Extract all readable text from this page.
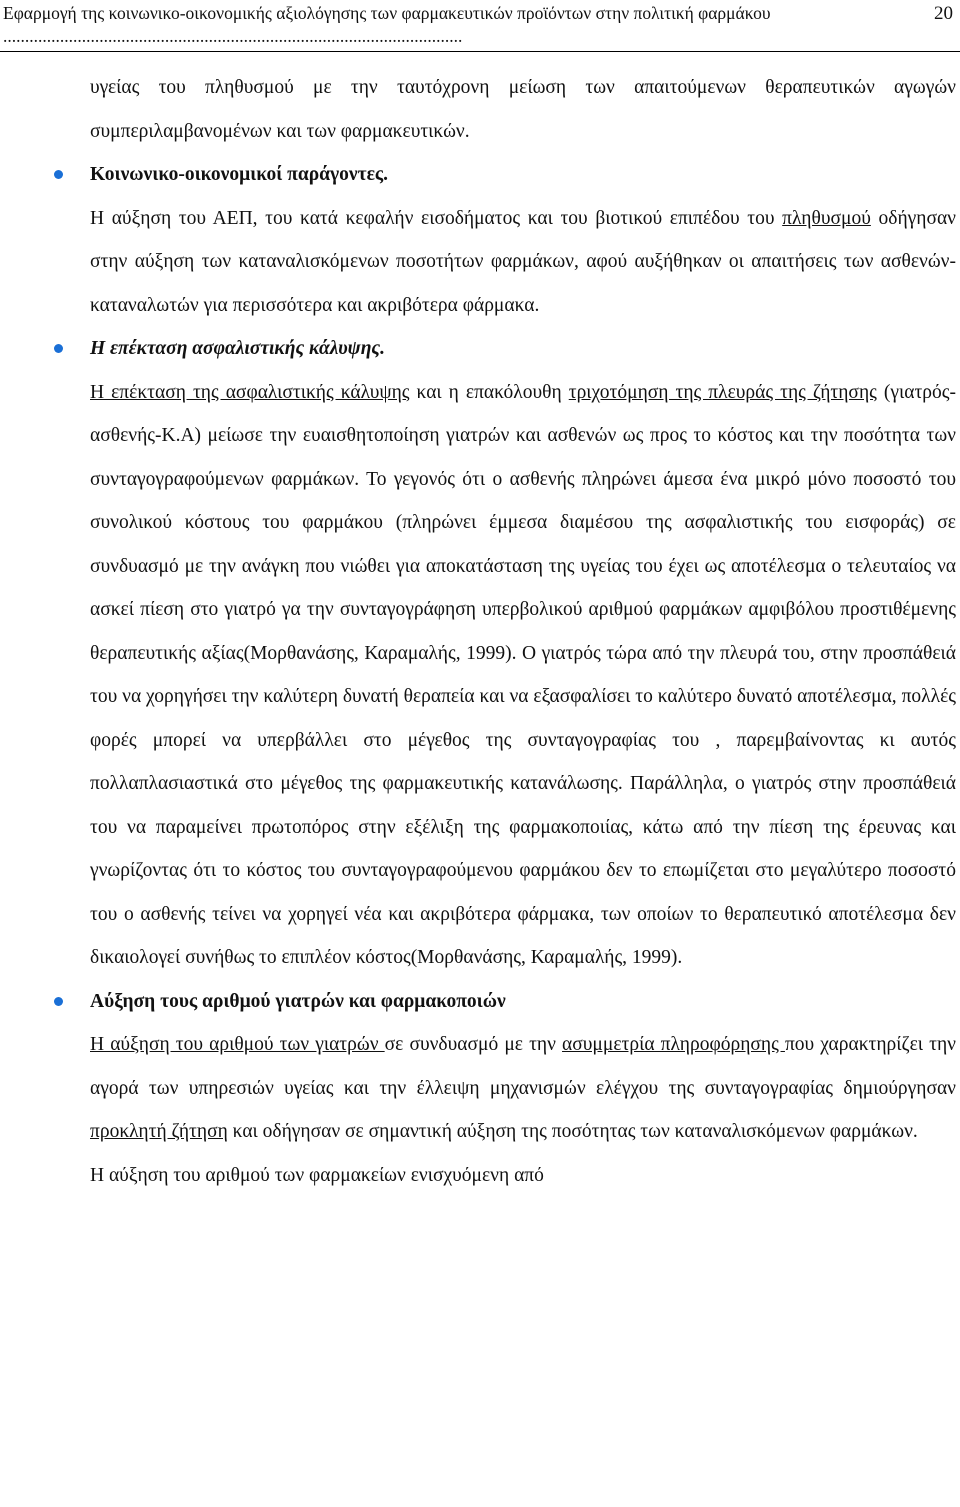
Εφαρμογή της κοινωνικο-οικονομικής αξιολόγησης των φαρμακευτικών προϊόντων στην πολιτική φαρμάκου .........................................................................................................
20

υγείας του πληθυσμού με την ταυτόχρονη μείωση των απαιτούμενων θεραπευτικών αγωγών συμπεριλαμβανομένων και των φαρμακευτικών.

Κοινωνικο-οικονομικοί παράγοντες.

Η αύξηση του ΑΕΠ, του κατά κεφαλήν εισοδήματος και του βιοτικού επιπέδου του πληθυσμού οδήγησαν στην αύξηση των καταναλισκόμενων ποσοτήτων φαρμάκων, αφού αυξήθηκαν οι απαιτήσεις των ασθενών-καταναλωτών για περισσότερα και ακριβότερα φάρμακα.

Η επέκταση ασφαλιστικής κάλυψης.

Η επέκταση της ασφαλιστικής κάλυψης και η επακόλουθη τριχοτόμηση της πλευράς της ζήτησης (γιατρός-ασθενής-Κ.Α) μείωσε την ευαισθητοποίηση γιατρών και ασθενών ως προς το κόστος και την ποσότητα των συνταγογραφούμενων φαρμάκων. Το γεγονός ότι ο ασθενής πληρώνει άμεσα ένα μικρό μόνο ποσοστό του συνολικού κόστους του φαρμάκου (πληρώνει έμμεσα διαμέσου της ασφαλιστικής του εισφοράς) σε συνδυασμό με την ανάγκη που νιώθει για αποκατάσταση της υγείας του έχει ως αποτέλεσμα ο τελευταίος να ασκεί πίεση στο γιατρό γα την συνταγογράφηση υπερβολικού αριθμού φαρμάκων αμφιβόλου προστιθέμενης θεραπευτικής αξίας(Μορθανάσης, Καραμαλής, 1999). Ο γιατρός τώρα από την πλευρά του, στην προσπάθειά του να χορηγήσει την καλύτερη δυνατή θεραπεία και να εξασφαλίσει το καλύτερο δυνατό αποτέλεσμα, πολλές φορές μπορεί να υπερβάλλει στο μέγεθος της συνταγογραφίας του , παρεμβαίνοντας κι αυτός πολλαπλασιαστικά στο μέγεθος της φαρμακευτικής κατανάλωσης. Παράλληλα, ο γιατρός στην προσπάθειά του να παραμείνει πρωτοπόρος στην εξέλιξη της φαρμακοποιίας, κάτω από την πίεση της έρευνας και γνωρίζοντας ότι το κόστος του συνταγογραφούμενου φαρμάκου δεν το επωμίζεται στο μεγαλύτερο ποσοστό του ο ασθενής τείνει να χορηγεί νέα και ακριβότερα φάρμακα, των οποίων το θεραπευτικό αποτέλεσμα δεν δικαιολογεί συνήθως το επιπλέον κόστος(Μορθανάσης, Καραμαλής, 1999).

Αύξηση τους αριθμού γιατρών και φαρμακοποιών

Η αύξηση του αριθμού των γιατρών σε συνδυασμό με την ασυμμετρία πληροφόρησης που χαρακτηρίζει την αγορά των υπηρεσιών υγείας και την έλλειψη μηχανισμών ελέγχου της συνταγογραφίας δημιούργησαν προκλητή ζήτηση και οδήγησαν σε σημαντική αύξηση της ποσότητας των καταναλισκόμενων φαρμάκων.

Η αύξηση του αριθμού των φαρμακείων ενισχυόμενη από
